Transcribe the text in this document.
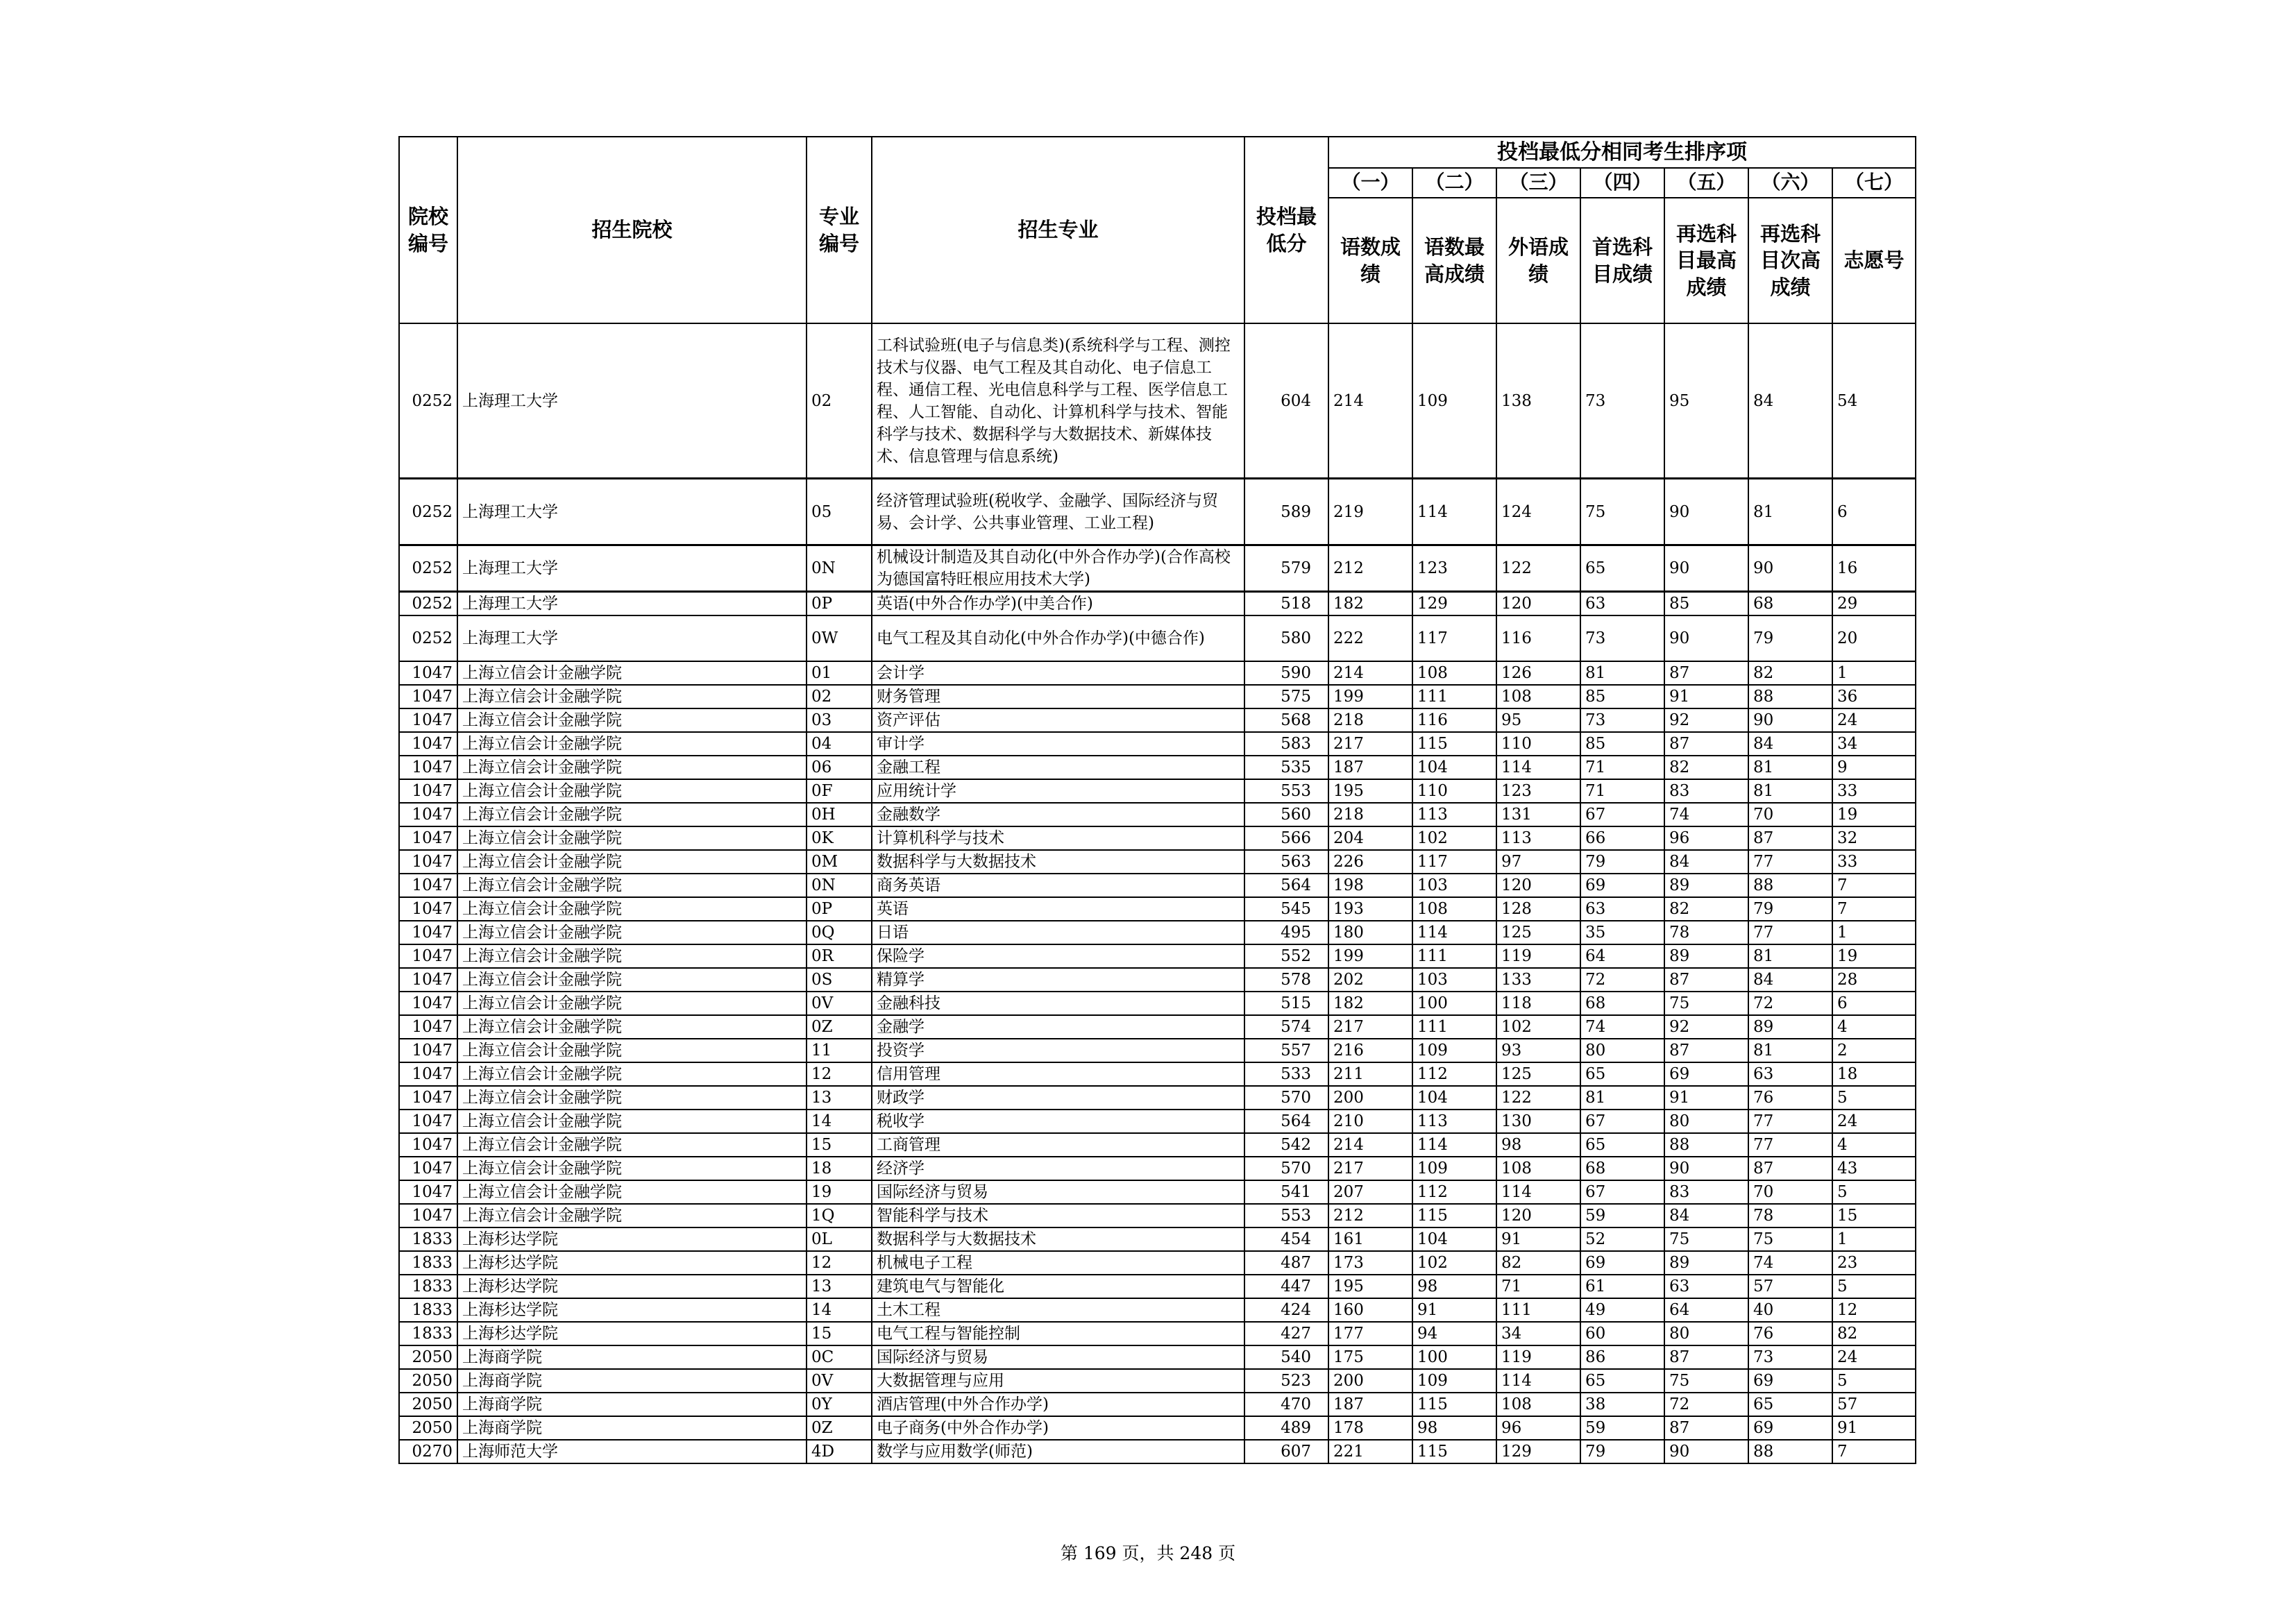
院校编号	招生院校	专业编号	招生专业	投档最低分	投档最低分相同考生排序项						
					（一）	（二）	（三）	（四）	（五）	（六）	（七）
					语数成绩	语数最高成绩	外语成绩	首选科目成绩	再选科目最高成绩	再选科目次高成绩	志愿号
0252	上海理工大学	02	工科试验班(电子与信息类)(系统科学与工程、测控技术与仪器、电气工程及其自动化、电子信息工程、通信工程、光电信息科学与工程、医学信息工程、人工智能、自动化、计算机科学与技术、智能科学与技术、数据科学与大数据技术、新媒体技术、信息管理与信息系统)	604	214	109	138	73	95	84	54
0252	上海理工大学	05	经济管理试验班(税收学、金融学、国际经济与贸易、会计学、公共事业管理、工业工程)	589	219	114	124	75	90	81	6
0252	上海理工大学	0N	机械设计制造及其自动化(中外合作办学)(合作高校为德国富特旺根应用技术大学)	579	212	123	122	65	90	90	16
0252	上海理工大学	0P	英语(中外合作办学)(中美合作)	518	182	129	120	63	85	68	29
0252	上海理工大学	0W	电气工程及其自动化(中外合作办学)(中德合作)	580	222	117	116	73	90	79	20
1047	上海立信会计金融学院	01	会计学	590	214	108	126	81	87	82	1
1047	上海立信会计金融学院	02	财务管理	575	199	111	108	85	91	88	36
1047	上海立信会计金融学院	03	资产评估	568	218	116	95	73	92	90	24
1047	上海立信会计金融学院	04	审计学	583	217	115	110	85	87	84	34
1047	上海立信会计金融学院	06	金融工程	535	187	104	114	71	82	81	9
1047	上海立信会计金融学院	0F	应用统计学	553	195	110	123	71	83	81	33
1047	上海立信会计金融学院	0H	金融数学	560	218	113	131	67	74	70	19
1047	上海立信会计金融学院	0K	计算机科学与技术	566	204	102	113	66	96	87	32
1047	上海立信会计金融学院	0M	数据科学与大数据技术	563	226	117	97	79	84	77	33
1047	上海立信会计金融学院	0N	商务英语	564	198	103	120	69	89	88	7
1047	上海立信会计金融学院	0P	英语	545	193	108	128	63	82	79	7
1047	上海立信会计金融学院	0Q	日语	495	180	114	125	35	78	77	1
1047	上海立信会计金融学院	0R	保险学	552	199	111	119	64	89	81	19
1047	上海立信会计金融学院	0S	精算学	578	202	103	133	72	87	84	28
1047	上海立信会计金融学院	0V	金融科技	515	182	100	118	68	75	72	6
1047	上海立信会计金融学院	0Z	金融学	574	217	111	102	74	92	89	4
1047	上海立信会计金融学院	11	投资学	557	216	109	93	80	87	81	2
1047	上海立信会计金融学院	12	信用管理	533	211	112	125	65	69	63	18
1047	上海立信会计金融学院	13	财政学	570	200	104	122	81	91	76	5
1047	上海立信会计金融学院	14	税收学	564	210	113	130	67	80	77	24
1047	上海立信会计金融学院	15	工商管理	542	214	114	98	65	88	77	4
1047	上海立信会计金融学院	18	经济学	570	217	109	108	68	90	87	43
1047	上海立信会计金融学院	19	国际经济与贸易	541	207	112	114	67	83	70	5
1047	上海立信会计金融学院	1Q	智能科学与技术	553	212	115	120	59	84	78	15
1833	上海杉达学院	0L	数据科学与大数据技术	454	161	104	91	52	75	75	1
1833	上海杉达学院	12	机械电子工程	487	173	102	82	69	89	74	23
1833	上海杉达学院	13	建筑电气与智能化	447	195	98	71	61	63	57	5
1833	上海杉达学院	14	土木工程	424	160	91	111	49	64	40	12
1833	上海杉达学院	15	电气工程与智能控制	427	177	94	34	60	80	76	82
2050	上海商学院	0C	国际经济与贸易	540	175	100	119	86	87	73	24
2050	上海商学院	0V	大数据管理与应用	523	200	109	114	65	75	69	5
2050	上海商学院	0Y	酒店管理(中外合作办学)	470	187	115	108	38	72	65	57
2050	上海商学院	0Z	电子商务(中外合作办学)	489	178	98	96	59	87	69	91
0270	上海师范大学	4D	数学与应用数学(师范)	607	221	115	129	79	90	88	7
第 169 页，共 248 页
